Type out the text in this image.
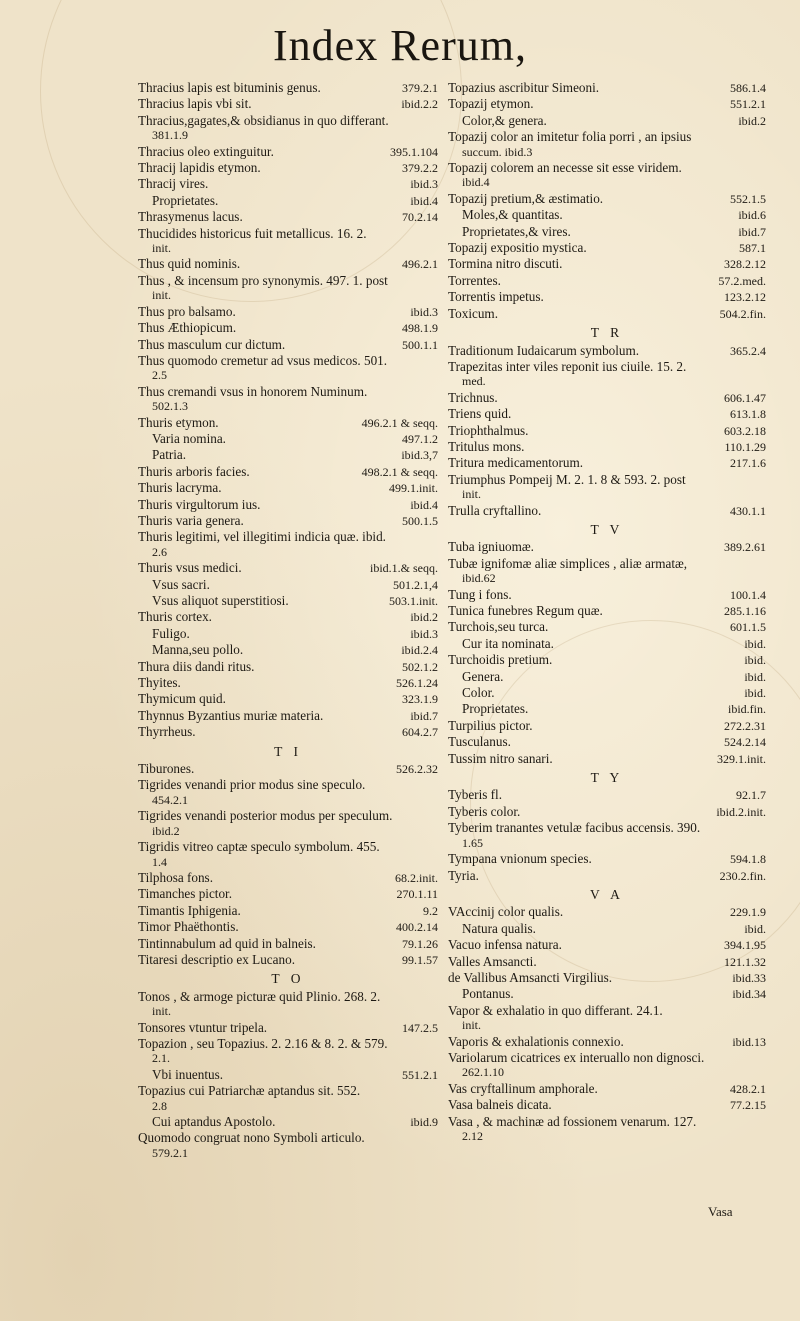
Index Rerum,
Thracius lapis est bituminis genus.	379.2.1
Thracius lapis vbi sit.	ibid.2.2
Thracius,gagates,& obsidianus in quo differant.
381.1.9
Thracius oleo extinguitur.	395.1.104
Thracij lapidis etymon.	379.2.2
Thracij vires.	ibid.3
Proprietates.	ibid.4
Thrasymenus lacus.	70.2.14
Thucidides historicus fuit metallicus. 16. 2.
init.
Thus quid nominis.	496.2.1
Thus , & incensum pro synonymis. 497. 1. post
init.
Thus pro balsamo.	ibid.3
Thus Æthiopicum.	498.1.9
Thus masculum cur dictum.	500.1.1
Thus quomodo cremetur ad vsus medicos. 501.
2.5
Thus cremandi vsus in honorem Numinum.
502.1.3
Thuris etymon.	496.2.1 & seqq.
Varia nomina.	497.1.2
Patria.	ibid.3,7
Thuris arboris facies.	498.2.1 & seqq.
Thuris lacryma.	499.1.init.
Thuris virgultorum ius.	ibid.4
Thuris varia genera.	500.1.5
Thuris legitimi, vel illegitimi indicia quæ. ibid.
2.6
Thuris vsus medici.	ibid.1.& seqq.
Vsus sacri.	501.2.1,4
Vsus aliquot superstitiosi.	503.1.init.
Thuris cortex.	ibid.2
Fuligo.	ibid.3
Manna,seu pollo.	ibid.2.4
Thura diis dandi ritus.	502.1.2
Thyites.	526.1.24
Thymicum quid.	323.1.9
Thynnus Byzantius muriæ materia.	ibid.7
Thyrrheus.	604.2.7
T I
Tiburones.	526.2.32
Tigrides venandi prior modus sine speculo.
454.2.1
Tigrides venandi posterior modus per speculum.
ibid.2
Tigridis vitreo captæ speculo symbolum. 455.
1.4
Tilphosa fons.	68.2.init.
Timanches pictor.	270.1.11
Timantis Iphigenia.	9.2
Timor Phaëthontis.	400.2.14
Tintinnabulum ad quid in balneis.	79.1.26
Titaresi descriptio ex Lucano.	99.1.57
T O
Tonos , & armoge picturæ quid Plinio. 268. 2.
init.
Tonsores vtuntur tripela.	147.2.5
Topazion , seu Topazius. 2. 2.16 & 8. 2. & 579.
2.1.
Vbi inuentus.	551.2.1
Topazius cui Patriarchæ aptandus sit. 552.
2.8
Cui aptandus Apostolo.	ibid.9
Quomodo congruat nono Symboli articulo.
579.2.1
Topazius ascribitur Simeoni.	586.1.4
Topazij etymon.	551.2.1
Color,& genera.	ibid.2
Topazij color an imitetur folia porri , an ipsius
succum. ibid.3
Topazij colorem an necesse sit esse viridem.
ibid.4
Topazij pretium,& æstimatio.	552.1.5
Moles,& quantitas.	ibid.6
Proprietates,& vires.	ibid.7
Topazij expositio mystica.	587.1
Tormina nitro discuti.	328.2.12
Torrentes.	57.2.med.
Torrentis impetus.	123.2.12
Toxicum.	504.2.fin.
T R
Traditionum Iudaicarum symbolum.	365.2.4
Trapezitas inter viles reponit ius ciuile. 15. 2.
med.
Trichnus.	606.1.47
Triens quid.	613.1.8
Triophthalmus.	603.2.18
Tritulus mons.	110.1.29
Tritura medicamentorum.	217.1.6
Triumphus Pompeij M. 2. 1. 8 & 593. 2. post
init.
Trulla cryftallino.	430.1.1
T V
Tuba igniuomæ.	389.2.61
Tubæ ignifomæ aliæ simplices , aliæ armatæ,
ibid.62
Tung i fons.	100.1.4
Tunica funebres Regum quæ.	285.1.16
Turchois,seu turca.	601.1.5
Cur ita nominata.	ibid.
Turchoidis pretium.	ibid.
Genera.	ibid.
Color.	ibid.
Proprietates.	ibid.fin.
Turpilius pictor.	272.2.31
Tusculanus.	524.2.14
Tussim nitro sanari.	329.1.init.
T Y
Tyberis fl.	92.1.7
Tyberis color.	ibid.2.init.
Tyberim tranantes vetulæ facibus accensis. 390.
1.65
Tympana vnionum species.	594.1.8
Tyria.	230.2.fin.
V A
VAccinij color qualis.	229.1.9
Natura qualis.	ibid.
Vacuo infensa natura.	394.1.95
Valles Amsancti.	121.1.32
de Vallibus Amsancti Virgilius.	ibid.33
Pontanus.	ibid.34
Vapor & exhalatio in quo differant. 24.1.
init.
Vaporis & exhalationis connexio.	ibid.13
Variolarum cicatrices ex interuallo non dignosci.
262.1.10
Vas cryftallinum amphorale.	428.2.1
Vasa balneis dicata.	77.2.15
Vasa , & machinæ ad fossionem venarum. 127.
2.12
Vasa
